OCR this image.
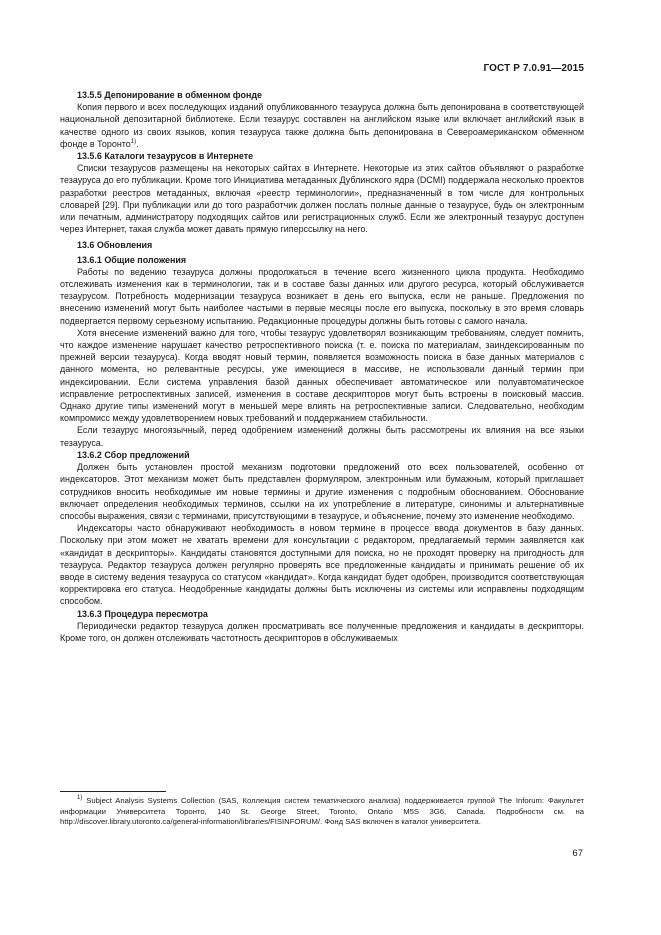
ГОСТ Р 7.0.91—2015

13.5.5 Депонирование в обменном фонде

Копия первого и всех последующих изданий опубликованного тезауруса должна быть депонирована в соответствующей национальной депозитарной библиотеке. Если тезаурус составлен на английском языке или включает английский язык в качестве одного из своих языков, копия тезауруса также должна быть депонирована в Североамериканском обменном фонде в Торонто$^{1)}$.

13.5.6 Каталоги тезаурусов в Интернете

Списки тезаурусов размещены на некоторых сайтах в Интернете. Некоторые из этих сайтов объявляют о разработке тезауруса до его публикации. Кроме того Инициатива метаданных Дублинского ядра (DCMI) поддержала несколько проектов разработки реестров метаданных, включая «реестр терминологии», предназначенный в том числе для контрольных словарей [29]. При публикации или до того разработчик должен послать полные данные о тезаурусе, будь он электронным или печатным, администратору подходящих сайтов или регистрационных служб. Если же электронный тезаурус доступен через Интернет, такая служба может давать прямую гиперссылку на него.

13.6 Обновления

13.6.1 Общие положения

Работы по ведению тезауруса должны продолжаться в течение всего жизненного цикла продукта. Необходимо отслеживать изменения как в терминологии, так и в составе базы данных или другого ресурса, который обслуживается тезаурусом. Потребность модернизации тезауруса возникает в день его выпуска, если не раньше. Предложения по внесению изменений могут быть наиболее частыми в первые месяцы после его выпуска, поскольку в это время словарь подвергается первому серьезному испытанию. Редакционные процедуры должны быть готовы с самого начала.

Хотя внесение изменений важно для того, чтобы тезаурус удовлетворял возникающим требованиям, следует помнить, что каждое изменение нарушает качество ретроспективного поиска (т. е. поиска по материалам, заиндексированным по прежней версии тезауруса). Когда вводят новый термин, появляется возможность поиска в базе данных материалов с данного момента, но релевантные ресурсы, уже имеющиеся в массиве, не использовали данный термин при индексировании. Если система управления базой данных обеспечивает автоматическое или полуавтоматическое исправление ретроспективных записей, изменения в составе дескрипторов могут быть встроены в поисковый массив. Однако другие типы изменений могут в меньшей мере влиять на ретроспективные записи. Следовательно, необходим компромисс между удовлетворением новых требований и поддержанием стабильности.

Если тезаурус многоязычный, перед одобрением изменений должны быть рассмотрены их влияния на все языки тезауруса.

13.6.2 Сбор предложений

Должен быть установлен простой механизм подготовки предложений ото всех пользователей, особенно от индексаторов. Этот механизм может быть представлен формуляром, электронным или бумажным, который приглашает сотрудников вносить необходимые им новые термины и другие изменения с подробным обоснованием. Обоснование включает определения необходимых терминов, ссылки на их употребление в литературе, синонимы и альтернативные способы выражения, связи с терминами, присутствующими в тезаурусе, и объяснение, почему это изменение необходимо.

Индексаторы часто обнаруживают необходимость в новом термине в процессе ввода документов в базу данных. Поскольку при этом может не хватать времени для консультации с редактором, предлагаемый термин заявляется как «кандидат в дескрипторы». Кандидаты становятся доступными для поиска, но не проходят проверку на пригодность для тезауруса. Редактор тезауруса должен регулярно проверять все предложенные кандидаты и принимать решение об их вводе в систему ведения тезауруса со статусом «кандидат». Когда кандидат будет одобрен, производится соответствующая корректировка его статуса. Неодобренные кандидаты должны быть исключены из системы или исправлены подходящим способом.

13.6.3 Процедура пересмотра

Периодически редактор тезауруса должен просматривать все полученные предложения и кандидаты в дескрипторы. Кроме того, он должен отслеживать частотность дескрипторов в обслуживаемых

$^{1)}$ Subject Analysis Systems Collection (SAS, Коллекция систем тематического анализа) поддерживается группой The Inforum: Факультет информации Университета Торонто, 140 St. George Street, Toronto, Ontario M5S 3G6, Canada. Подробности см. на http://discover.library.utoronto.ca/general-information/libraries/FISINFORUM/. Фонд SAS включен в каталог университета.

67
